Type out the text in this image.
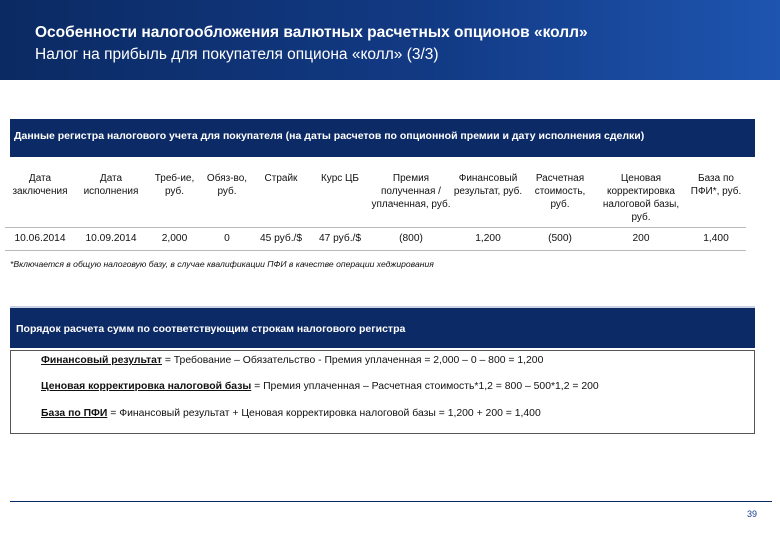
Особенности налогообложения валютных расчетных опционов «колл»
Налог на прибыль для покупателя опциона «колл» (3/3)
Данные регистра налогового учета для покупателя (на даты расчетов по опционной премии и дату исполнения сделки)
Дата заключения	Дата исполнения	Треб-ие, руб.	Обяз-во, руб.	Страйк	Курс ЦБ	Премия полученная / уплаченная, руб.	Финансовый результат, руб.	Расчетная стоимость, руб.	Ценовая корректировка налоговой базы, руб.	База по ПФИ*, руб.
10.06.2014	10.09.2014	2,000	0	45 руб./$	47 руб./$	(800)	1,200	(500)	200	1,400
*Включается в общую налоговую базу, в случае квалификации ПФИ в качестве операции хеджирования
Порядок расчета сумм по соответствующим строкам налогового регистра
Финансовый результат = Требование – Обязательство - Премия уплаченная = 2,000 – 0 – 800 = 1,200
Ценовая корректировка налоговой базы = Премия уплаченная – Расчетная стоимость*1,2 = 800 – 500*1,2 = 200
База по ПФИ = Финансовый результат + Ценовая корректировка налоговой базы = 1,200 + 200 = 1,400
39
